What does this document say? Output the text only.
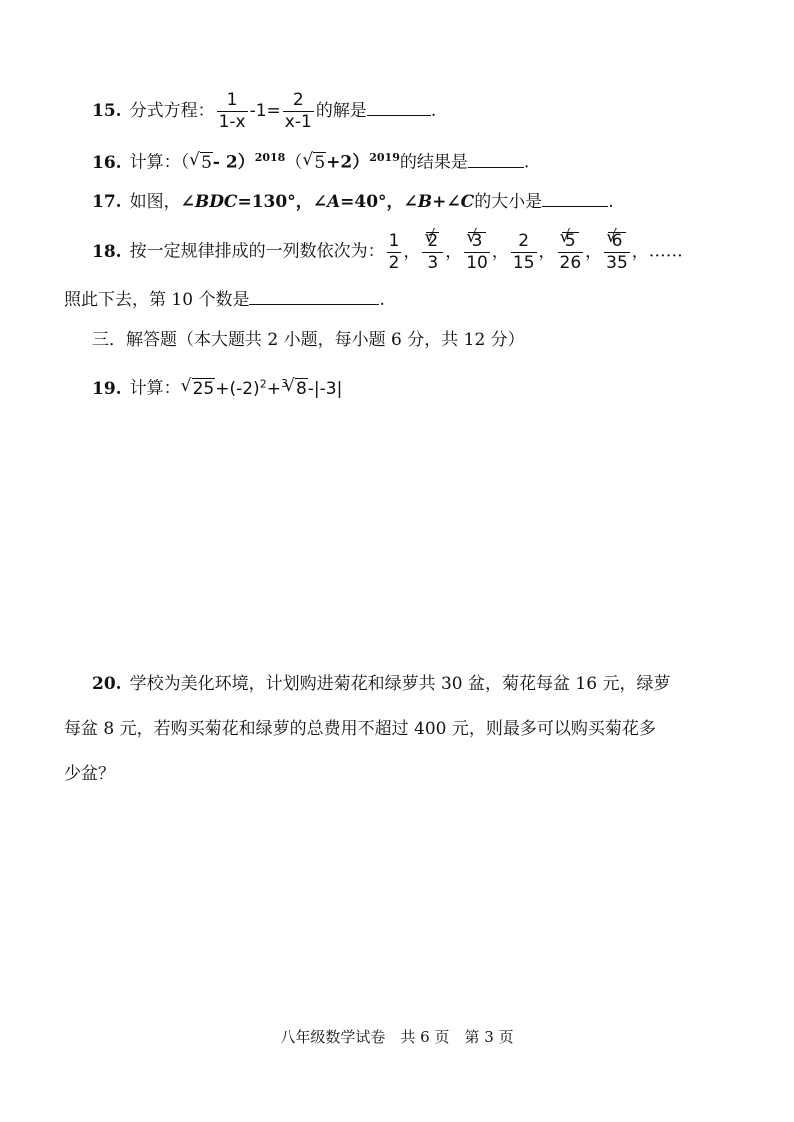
15. 分式方程： $\frac{1}{1-x} -1= \frac{2}{x-1}$ 的解是	.
16. 计算：（√ 5- 2）$^{2018}$（√ 5+2）$^{2019}$的结果是	.
17. 如图，∠BDC=130°，∠A=40°，∠B+∠C的大小是	.
18. 按一定规律排成的一列数依次为： $\frac{1}{2}$ ，
√ $\frac{2}{3}$ ，
√ $\frac{3}{10}$ ， $\frac{2}{15}$ ，
√ $\frac{5}{26}$ ，
√ $\frac{6}{35}$ ，……
照此下去，第 10 个数是	.
三．解答题（本大题共 2 小题，每小题 6 分，共 12 分）
19. 计算：√ $25+(-2)^2+^3√$ 8-|-3|
20. 学校为美化环境，计划购进菊花和绿萝共 30 盆，菊花每盆 16 元，绿萝
每盆 8 元，若购买菊花和绿萝的总费用不超过 400 元，则最多可以购买菊花多
少盆？
八年级数学试卷　共 6 页　第 3 页
